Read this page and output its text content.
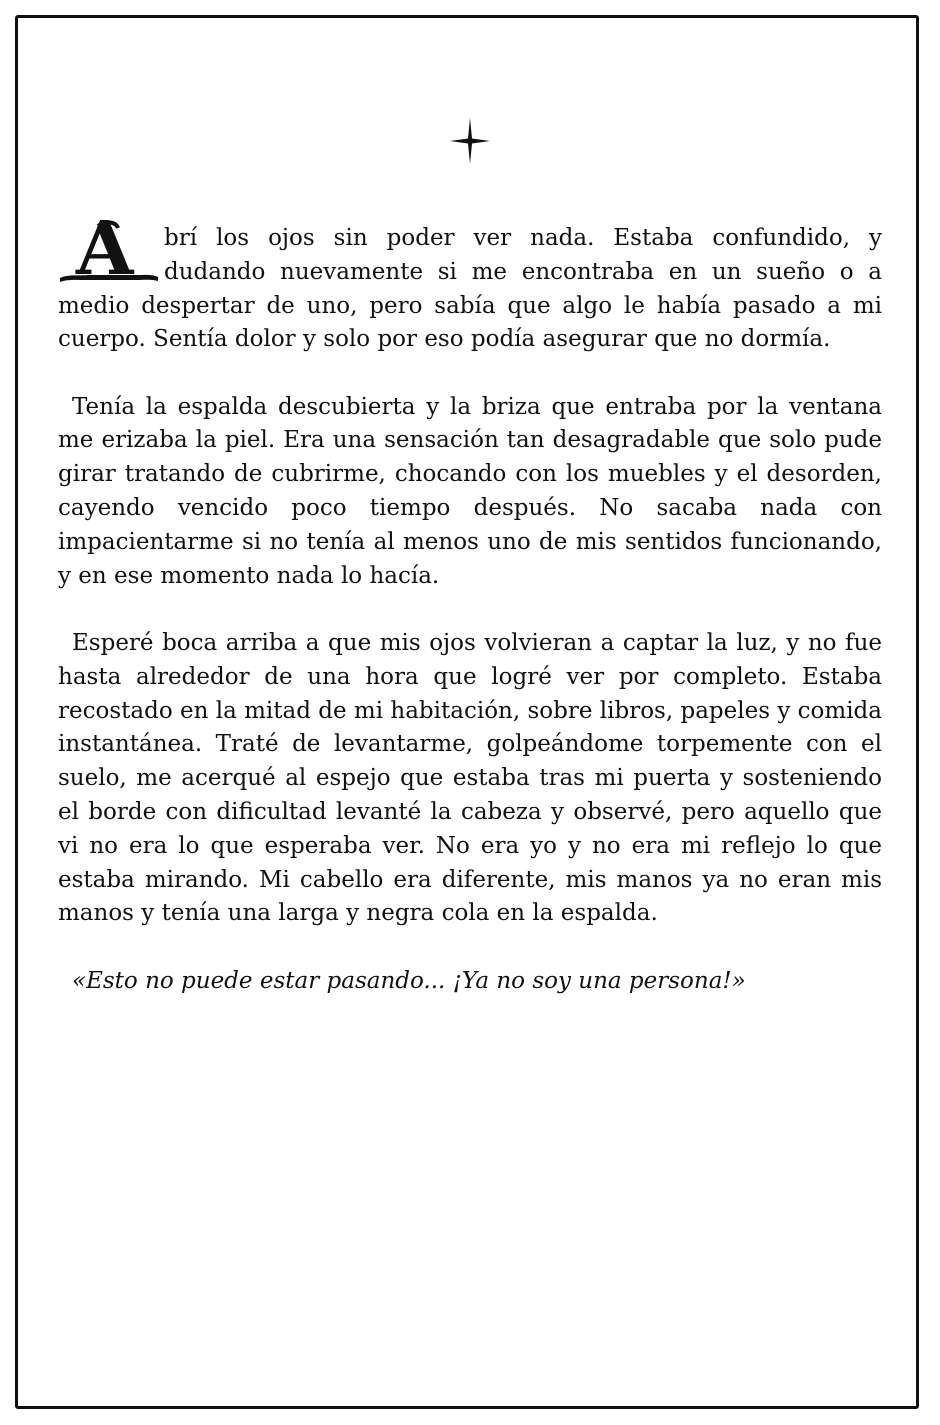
A brí los ojos sin poder ver nada. Estaba confundido, y dudando nuevamente si me encontraba en un sueño o a medio despertar de uno, pero sabía que algo le había pasado a mi cuerpo. Sentía dolor y solo por eso podía asegurar que no dormía.

Tenía la espalda descubierta y la briza que entraba por la ventana me erizaba la piel. Era una sensación tan desagradable que solo pude girar tratando de cubrirme, chocando con los muebles y el desorden, cayendo vencido poco tiempo después. No sacaba nada con impacientarme si no tenía al menos uno de mis sentidos funcionando, y en ese momento nada lo hacía.

Esperé boca arriba a que mis ojos volvieran a captar la luz, y no fue hasta alrededor de una hora que logré ver por completo. Estaba recostado en la mitad de mi habitación, sobre libros, papeles y comida instantánea. Traté de levantarme, golpeándome torpemente con el suelo, me acerqué al espejo que estaba tras mi puerta y sosteniendo el borde con dificultad levanté la cabeza y observé, pero aquello que vi no era lo que esperaba ver. No era yo y no era mi reflejo lo que estaba mirando. Mi cabello era diferente, mis manos ya no eran mis manos y tenía una larga y negra cola en la espalda.

«Esto no puede estar pasando... ¡Ya no soy una persona!»
